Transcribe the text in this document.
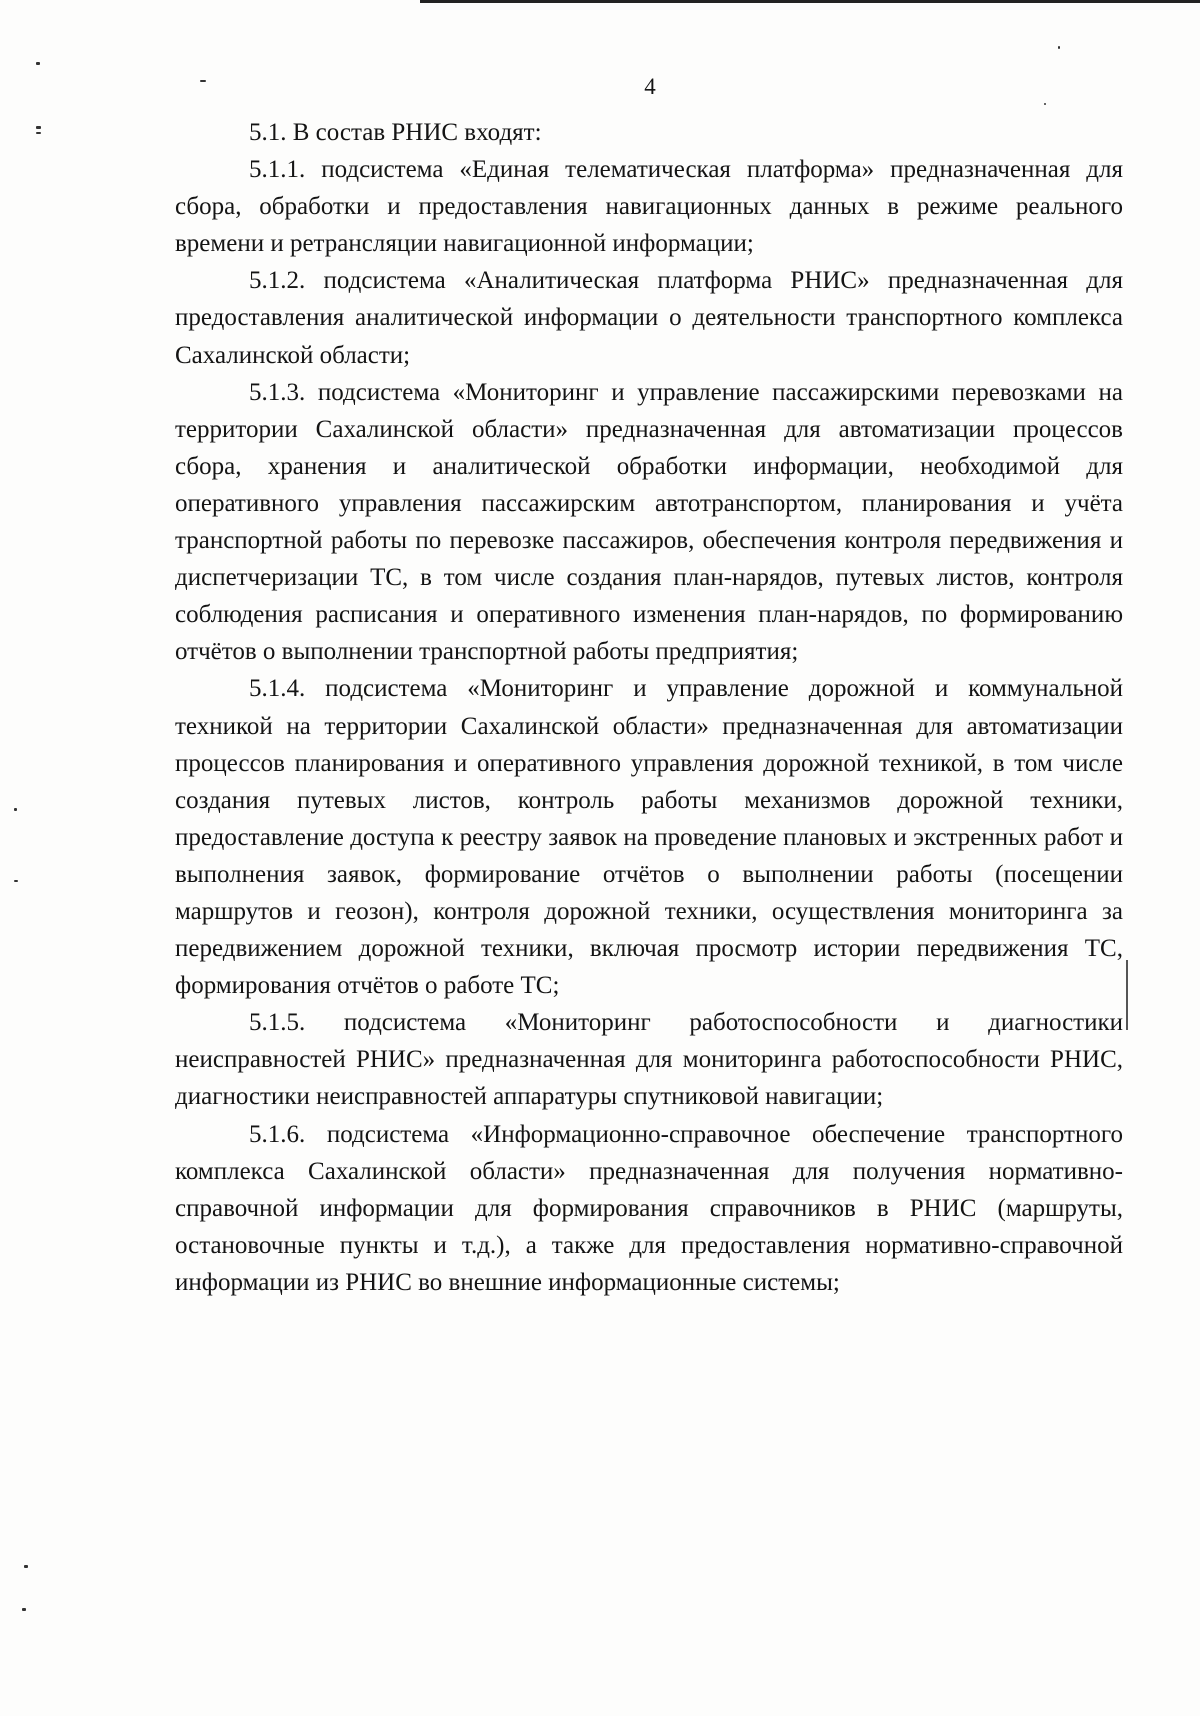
4

5.1. В состав РНИС входят:

5.1.1. подсистема «Единая телематическая платформа» предназначенная для сбора, обработки и предоставления навигационных данных в режиме реального времени и ретрансляции навигационной информации;

5.1.2. подсистема «Аналитическая платформа РНИС» предназначенная для предоставления аналитической информации о деятельности транспортного комплекса Сахалинской области;

5.1.3. подсистема «Мониторинг и управление пассажирскими перевозками на территории Сахалинской области» предназначенная для автоматизации процессов сбора, хранения и аналитической обработки информации, необходимой для оперативного управления пассажирским автотранспортом, планирования и учёта транспортной работы по перевозке пассажиров, обеспечения контроля передвижения и диспетчеризации ТС, в том числе создания план-нарядов, путевых листов, контроля соблюдения расписания и оперативного изменения план-нарядов, по формированию отчётов о выполнении транспортной работы предприятия;

5.1.4. подсистема «Мониторинг и управление дорожной и коммунальной техникой на территории Сахалинской области» предназначенная для автоматизации процессов планирования и оперативного управления дорожной техникой, в том числе создания путевых листов, контроль работы механизмов дорожной техники, предоставление доступа к реестру заявок на проведение плановых и экстренных работ и выполнения заявок, формирование отчётов о выполнении работы (посещении маршрутов и геозон), контроля дорожной техники, осуществления мониторинга за передвижением дорожной техники, включая просмотр истории передвижения ТС, формирования отчётов о работе ТС;

5.1.5. подсистема «Мониторинг работоспособности и диагностики неисправностей РНИС» предназначенная для мониторинга работоспособности РНИС, диагностики неисправностей аппаратуры спутниковой навигации;

5.1.6. подсистема «Информационно-справочное обеспечение транспортного комплекса Сахалинской области» предназначенная для получения нормативно-справочной информации для формирования справочников в РНИС (маршруты, остановочные пункты и т.д.), а также для предоставления нормативно-справочной информации из РНИС во внешние информационные системы;
